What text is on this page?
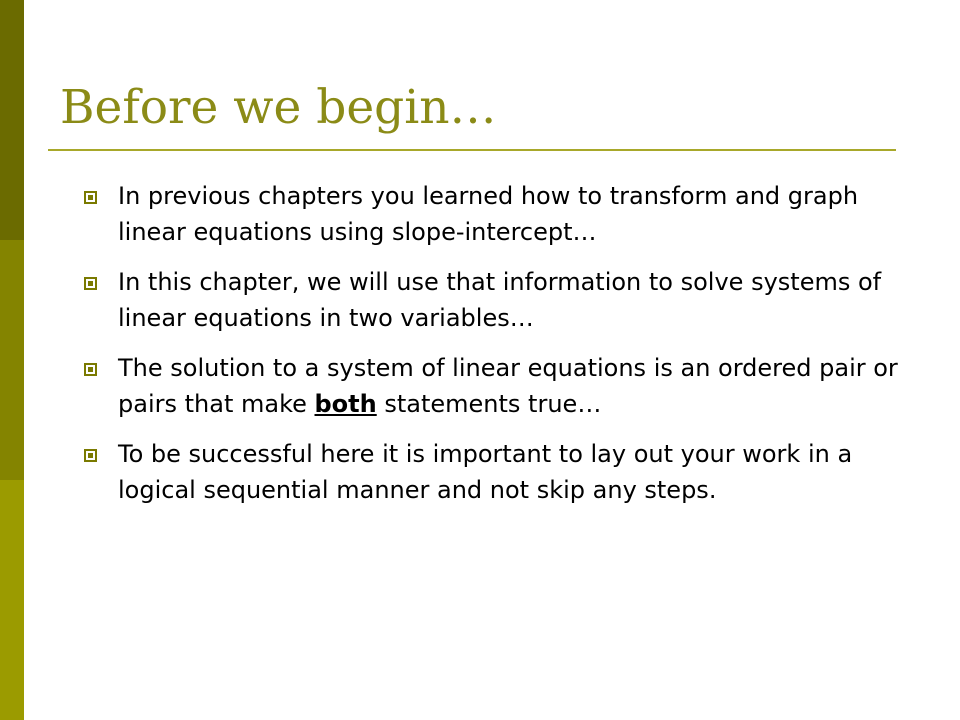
Before we begin…
In previous chapters you learned how to transform and graph linear equations using slope-intercept…
In this chapter, we will use that information to solve systems of linear equations in two variables…
The solution to a system of linear equations is an ordered pair or pairs that make both statements true…
To be successful here it is important to lay out your work in a logical sequential manner and not skip any steps.
